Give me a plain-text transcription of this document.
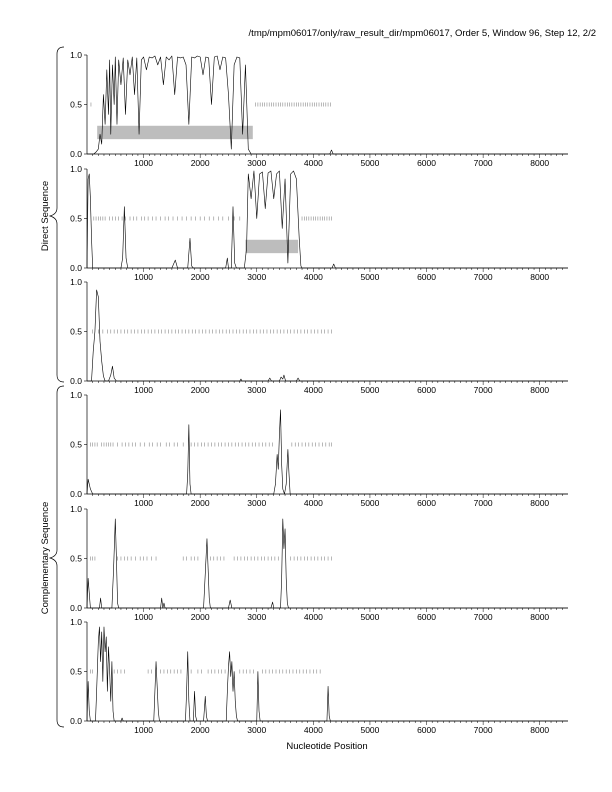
/tmp/mpm06017/only/raw_result_dir/mpm06017, Order 5, Window 96, Step 12, 2/2
Direct Sequence
Complementary Sequence
1000	2000	3000	4000	5000	6000	7000	8000
0.0
0.5
1.0
1000	2000	3000	4000	5000	6000	7000	8000
0.0
0.5
1.0
1000	2000	3000	4000	5000	6000	7000	8000
0.0
0.5
1.0
1000	2000	3000	4000	5000	6000	7000	8000
0.0
0.5
1.0
1000	2000	3000	4000	5000	6000	7000	8000
0.0
0.5
1.0
1000	2000	3000	4000	5000	6000	7000	8000
0.0
0.5
1.0
Nucleotide Position
